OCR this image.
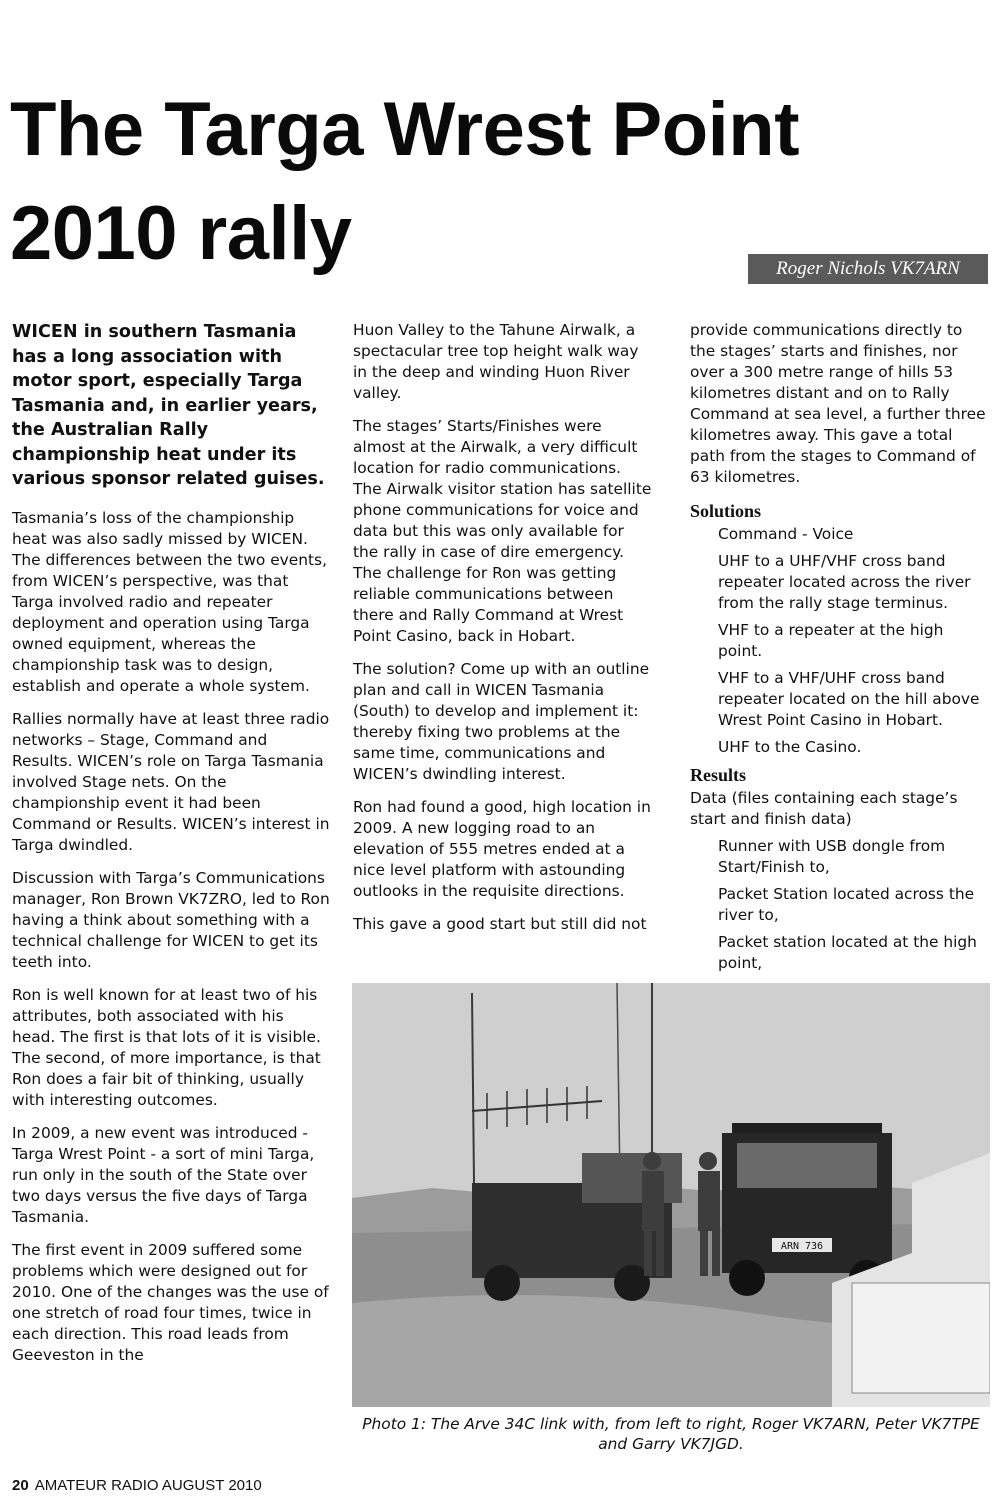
The Targa Wrest Point
2010 rally	Roger Nichols VK7ARN

WICEN in southern Tasmania has a long association with motor sport, especially Targa Tasmania and, in earlier years, the Australian Rally championship heat under its various sponsor related guises.

Tasmania’s loss of the championship heat was also sadly missed by WICEN. The differences between the two events, from WICEN’s perspective, was that Targa involved radio and repeater deployment and operation using Targa owned equipment, whereas the championship task was to design, establish and operate a whole system.

Rallies normally have at least three radio networks – Stage, Command and Results. WICEN’s role on Targa Tasmania involved Stage nets. On the championship event it had been Command or Results. WICEN’s interest in Targa dwindled.

Discussion with Targa’s Communications manager, Ron Brown VK7ZRO, led to Ron having a think about something with a technical challenge for WICEN to get its teeth into.

Ron is well known for at least two of his attributes, both associated with his head. The first is that lots of it is visible. The second, of more importance, is that Ron does a fair bit of thinking, usually with interesting outcomes.

In 2009, a new event was introduced - Targa Wrest Point - a sort of mini Targa, run only in the south of the State over two days versus the five days of Targa Tasmania.

The first event in 2009 suffered some problems which were designed out for 2010. One of the changes was the use of one stretch of road four times, twice in each direction. This road leads from Geeveston in the

Huon Valley to the Tahune Airwalk, a spectacular tree top height walk way in the deep and winding Huon River valley.

The stages’ Starts/Finishes were almost at the Airwalk, a very difficult location for radio communications. The Airwalk visitor station has satellite phone communications for voice and data but this was only available for the rally in case of dire emergency. The challenge for Ron was getting reliable communications between there and Rally Command at Wrest Point Casino, back in Hobart.

The solution? Come up with an outline plan and call in WICEN Tasmania (South) to develop and implement it: thereby fixing two problems at the same time, communications and WICEN’s dwindling interest.

Ron had found a good, high location in 2009. A new logging road to an elevation of 555 metres ended at a nice level platform with astounding outlooks in the requisite directions.

This gave a good start but still did not

provide communications directly to the stages’ starts and finishes, nor over a 300 metre range of hills 53 kilometres distant and on to Rally Command at sea level, a further three kilometres away. This gave a total path from the stages to Command of 63 kilometres.

Solutions

Command - Voice

UHF to a UHF/VHF cross band repeater located across the river from the rally stage terminus.

VHF to a repeater at the high point.

VHF to a VHF/UHF cross band repeater located on the hill above Wrest Point Casino in Hobart.

UHF to the Casino.

Results

Data (files containing each stage’s start and finish data)

Runner with USB dongle from Start/Finish to,

Packet Station located across the river to,

Packet station located at the high point,

ARN 736
Photo 1: The Arve 34C link with, from left to right, Roger VK7ARN, Peter VK7TPE and Garry VK7JGD.
20 AMATEUR RADIO AUGUST 2010
